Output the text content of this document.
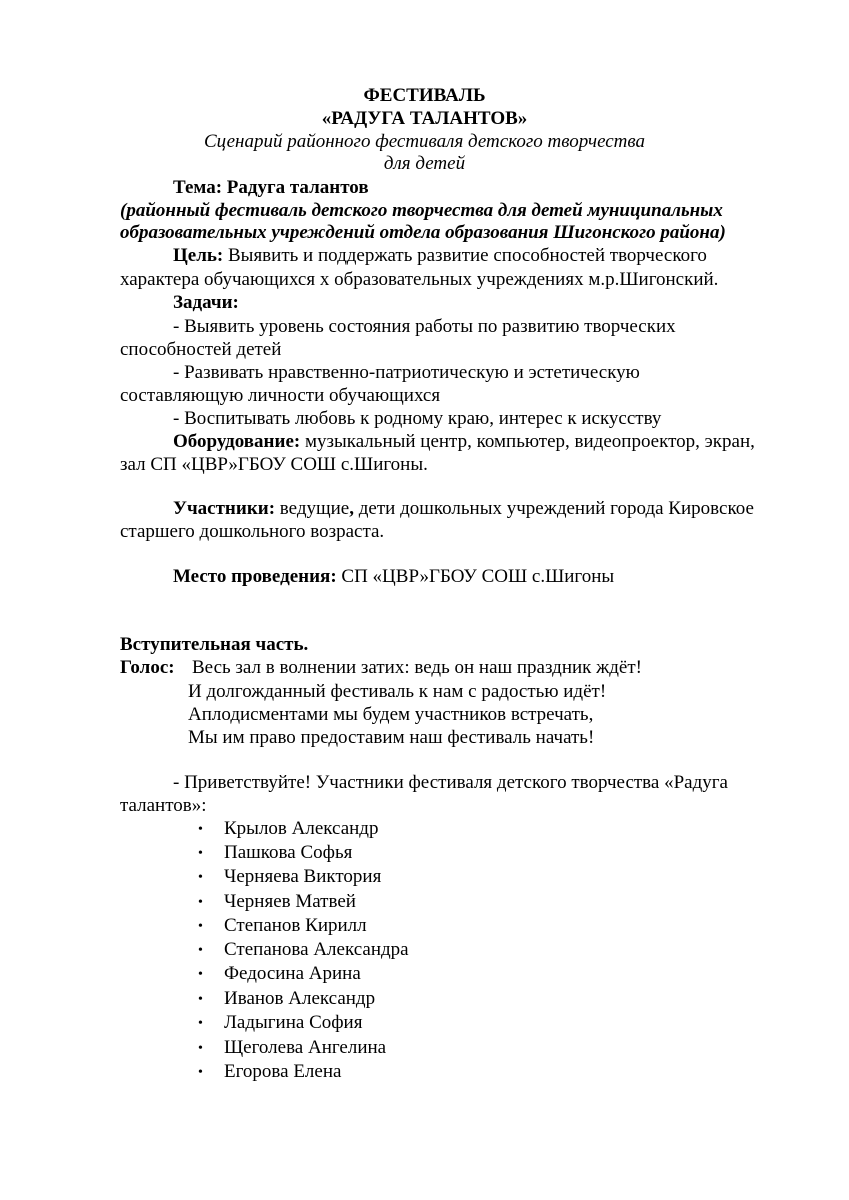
ФЕСТИВАЛЬ
«РАДУГА ТАЛАНТОВ»
Сценарий районного фестиваля детского творчества
для детей
Тема: Радуга талантов
(районный фестиваль детского творчества для детей муниципальных
образовательных учреждений отдела образования Шигонского района)
Цель: Выявить и поддержать развитие способностей творческого
характера обучающихся х образовательных учреждениях м.р.Шигонский.
Задачи:
- Выявить уровень состояния работы по развитию творческих
способностей детей
- Развивать нравственно-патриотическую и эстетическую
составляющую личности обучающихся
- Воспитывать любовь к родному краю, интерес к искусству
Оборудование: музыкальный центр, компьютер, видеопроектор, экран,
зал СП «ЦВР»ГБОУ СОШ с.Шигоны.
Участники: ведущие, дети дошкольных учреждений города Кировское
старшего дошкольного возраста.
Место проведения: СП «ЦВР»ГБОУ СОШ с.Шигоны
Вступительная часть.
Голос: Весь зал в волнении затих: ведь он наш праздник ждёт!
И долгожданный фестиваль к нам с радостью идёт!
Аплодисментами мы будем участников встречать,
Мы им право предоставим наш фестиваль начать!
- Приветствуйте! Участники фестиваля детского творчества «Радуга
талантов»:
• Крылов Александр
• Пашкова Софья
• Черняева Виктория
• Черняев Матвей
• Степанов Кирилл
• Степанова Александра
• Федосина Арина
• Иванов Александр
• Ладыгина София
• Щеголева Ангелина
• Егорова Елена
